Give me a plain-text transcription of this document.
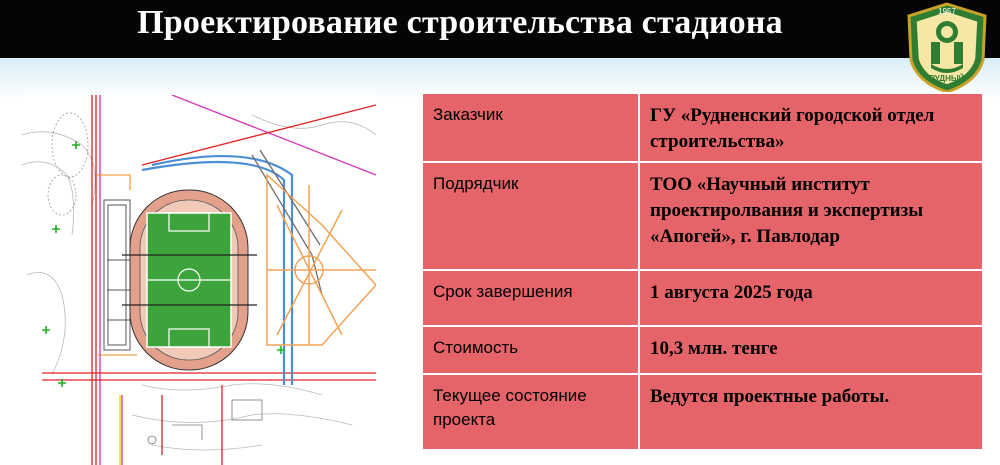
Проектирование строительства стадиона	1957
РУДНЫЙ
Заказчик	ГУ «Рудненский городской отдел строительства»
Подрядчик	ТОО «Научный институт проектиролвания и экспертизы «Апогей», г. Павлодар
Срок завершения	1 августа 2025 года
Стоимость	10,3 млн. тенге
Текущее состояние проекта	Ведутся проектные работы.
